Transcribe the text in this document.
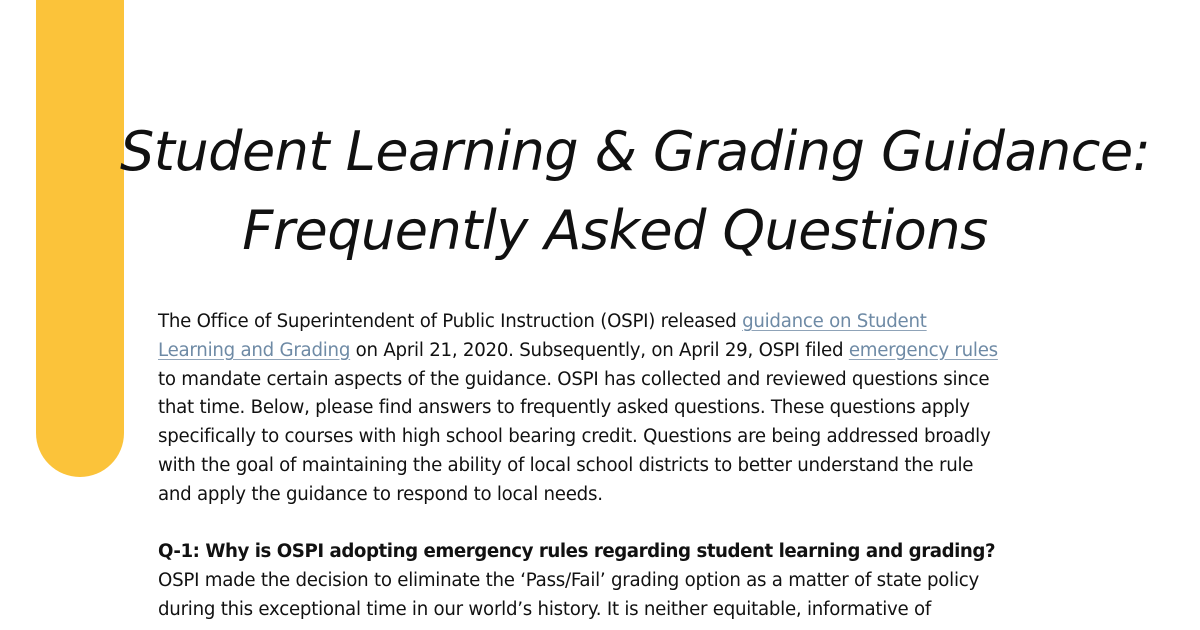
Student Learning & Grading Guidance:
Frequently Asked Questions
The Office of Superintendent of Public Instruction (OSPI) released guidance on Student
Learning and Grading on April 21, 2020. Subsequently, on April 29, OSPI filed emergency rules
to mandate certain aspects of the guidance. OSPI has collected and reviewed questions since
that time. Below, please find answers to frequently asked questions. These questions apply
specifically to courses with high school bearing credit. Questions are being addressed broadly
with the goal of maintaining the ability of local school districts to better understand the rule
and apply the guidance to respond to local needs.
Q-1: Why is OSPI adopting emergency rules regarding student learning and grading?
OSPI made the decision to eliminate the ‘Pass/Fail’ grading option as a matter of state policy
during this exceptional time in our world’s history. It is neither equitable, informative of
